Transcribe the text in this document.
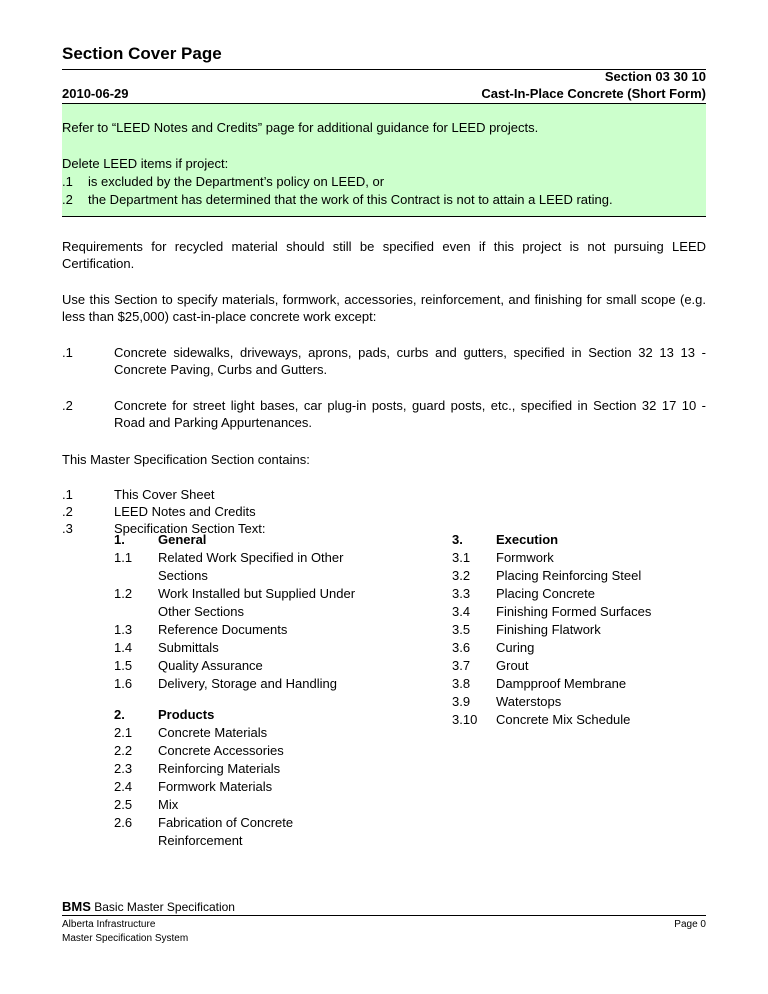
Section Cover Page
Section 03 30 10
2010-06-29	Cast-In-Place Concrete (Short Form)
Refer to “LEED Notes and Credits” page for additional guidance for LEED projects.
Delete LEED items if project:
.1 is excluded by the Department’s policy on LEED, or
.2 the Department has determined that the work of this Contract is not to attain a LEED rating.
Requirements for recycled material should still be specified even if this project is not pursuing LEED Certification.
Use this Section to specify materials, formwork, accessories, reinforcement, and finishing for small scope (e.g. less than $25,000) cast-in-place concrete work except:
.1	Concrete sidewalks, driveways, aprons, pads, curbs and gutters, specified in Section 32 13 13 - Concrete Paving, Curbs and Gutters.
.2	Concrete for street light bases, car plug-in posts, guard posts, etc., specified in Section 32 17 10 - Road and Parking Appurtenances.
This Master Specification Section contains:
.1	This Cover Sheet
.2	LEED Notes and Credits
.3	Specification Section Text:
1.	General
1.1 Related Work Specified in Other Sections
1.2 Work Installed but Supplied Under Other Sections
1.3 Reference Documents
1.4 Submittals
1.5 Quality Assurance
1.6 Delivery, Storage and Handling
2.	Products
2.1 Concrete Materials
2.2 Concrete Accessories
2.3 Reinforcing Materials
2.4 Formwork Materials
2.5 Mix
2.6 Fabrication of Concrete Reinforcement
3.	Execution
3.1 Formwork
3.2 Placing Reinforcing Steel
3.3 Placing Concrete
3.4 Finishing Formed Surfaces
3.5 Finishing Flatwork
3.6 Curing
3.7 Grout
3.8 Dampproof Membrane
3.9 Waterstops
3.10 Concrete Mix Schedule
BMS Basic Master Specification
Alberta Infrastructure
Master Specification System
Page 0
